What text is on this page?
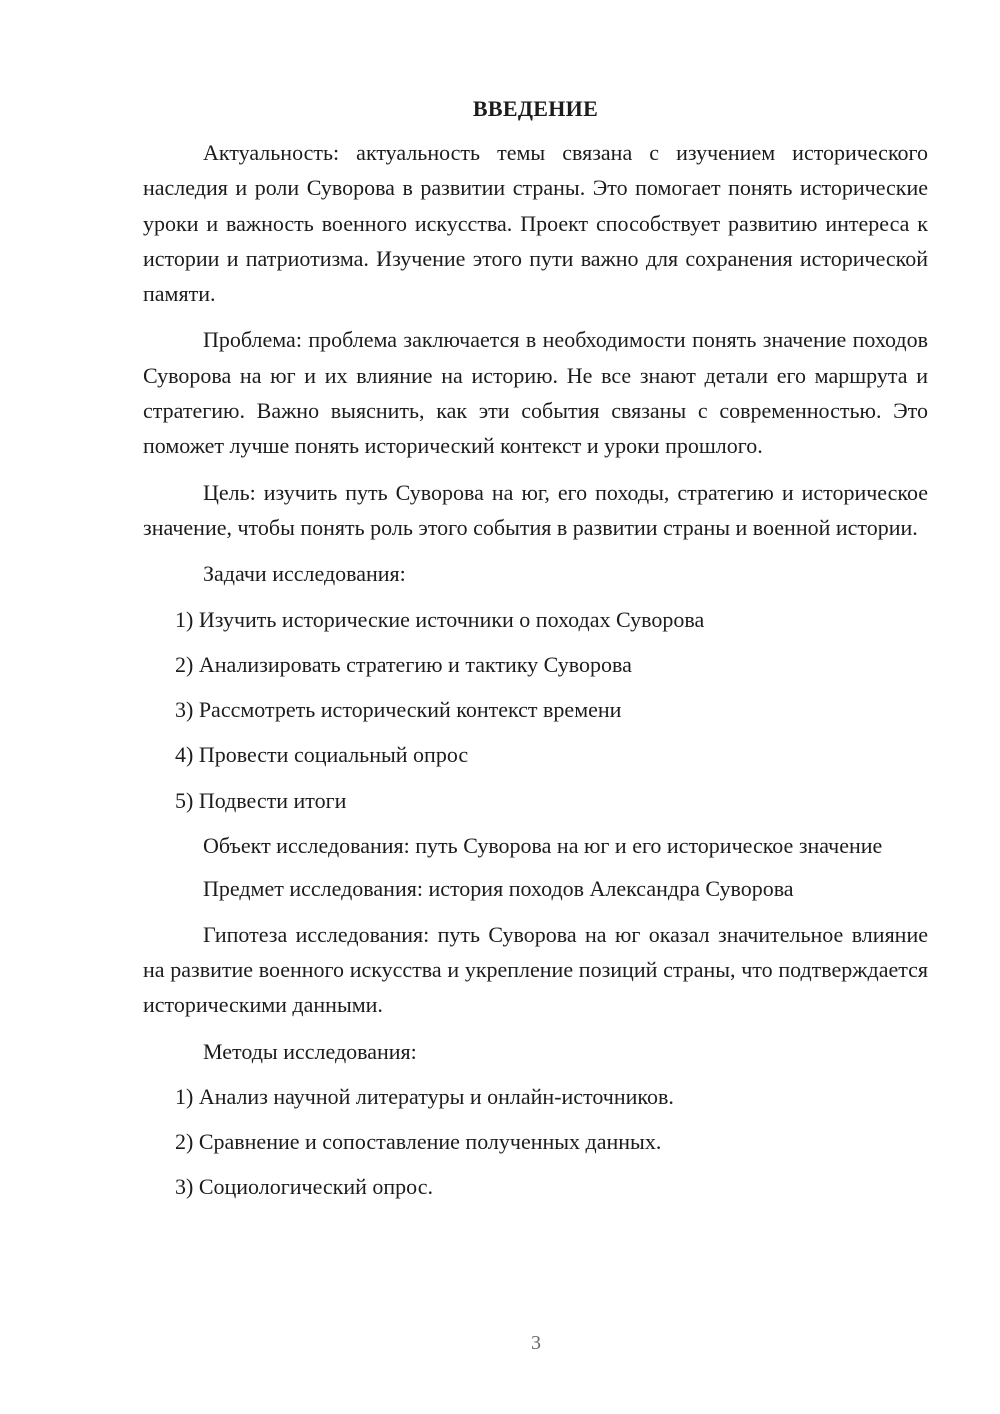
ВВЕДЕНИЕ

Актуальность: актуальность темы связана с изучением исторического наследия и роли Суворова в развитии страны. Это помогает понять исторические уроки и важность военного искусства. Проект способствует развитию интереса к истории и патриотизма. Изучение этого пути важно для сохранения исторической памяти.

Проблема: проблема заключается в необходимости понять значение походов Суворова на юг и их влияние на историю. Не все знают детали его маршрута и стратегию. Важно выяснить, как эти события связаны с современностью. Это поможет лучше понять исторический контекст и уроки прошлого.

Цель: изучить путь Суворова на юг, его походы, стратегию и историческое значение, чтобы понять роль этого события в развитии страны и военной истории.

Задачи исследования:
1) Изучить исторические источники о походах Суворова
2) Анализировать стратегию и тактику Суворова
3) Рассмотреть исторический контекст времени
4) Провести социальный опрос
5) Подвести итоги

Объект исследования: путь Суворова на юг и его историческое значение

Предмет исследования: история походов Александра Суворова

Гипотеза исследования: путь Суворова на юг оказал значительное влияние на развитие военного искусства и укрепление позиций страны, что подтверждается историческими данными.

Методы исследования:
1) Анализ научной литературы и онлайн-источников.
2) Сравнение и сопоставление полученных данных.
3) Социологический опрос.
3
